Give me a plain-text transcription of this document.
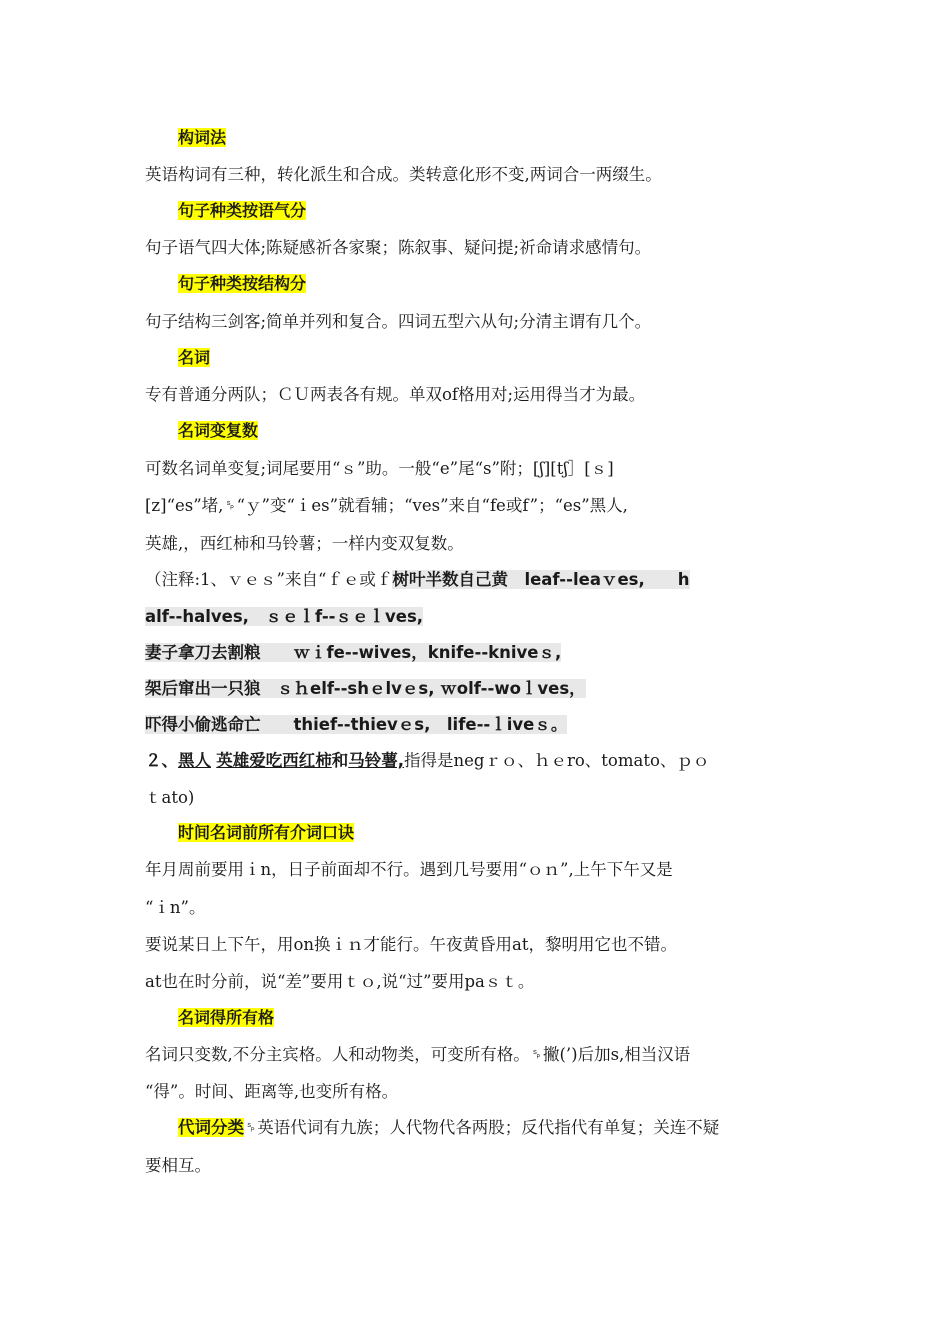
构词法
英语构词有三种，转化派生和合成。类转意化形不变,两词合一两缀生。
句子种类按语气分
句子语气四大体;陈疑感祈各家聚；陈叙事、疑问提;祈命请求感情句。
句子种类按结构分
句子结构三剑客;简单并列和复合。四词五型六从句;分清主谓有几个。
名词
专有普通分两队；ＣＵ两表各有规。单双of格用对;运用得当才为最。
名词变复数
可数名词单变复;词尾要用“ｓ”助。一般“e”尾“s”附；[ʃ][tʃ］[ｓ]
[z]“es”堵,␠“ｙ”变“ｉes”就看辅；“ves”来自“fe或f”；“es”黑人,
英雄,，西红柿和马铃薯；一样内变双复数。
（注释:1、ｖｅｓ”来自“ｆｅ或ｆ树叶半数自己黄　leaf--leaｖes,　　h
alf--halves,　ｓｅｌf--ｓｅｌves,
妻子拿刀去割粮　　ｗｉfe--wives，knife--kniveｓ,
架后窜出一只狼　ｓｈelf--shｅlvｅs, ｗolf--woｌves，
吓得小偷逃命亡　　thief--thievｅs,　life--ｌiveｓ。
２、黑人 英雄爱吃西红柿和马铃薯,指得是negｒｏ、ｈｅro、tomato、ｐｏ
ｔato)
时间名词前所有介词口诀
年月周前要用ｉn，日子前面却不行。遇到几号要用“ｏｎ”,上午下午又是
“ｉn”。
要说某日上下午，用on换ｉｎ才能行。午夜黄昏用at，黎明用它也不错。
at也在时分前，说“差”要用ｔｏ,说“过”要用paｓｔ。
名词得所有格
名词只变数,不分主宾格。人和动物类，可变所有格。␠撇(’)后加s,相当汉语
“得”。时间、距离等,也变所有格。
代词分类␠英语代词有九族；人代物代各两股；反代指代有单复；关连不疑
要相互。
